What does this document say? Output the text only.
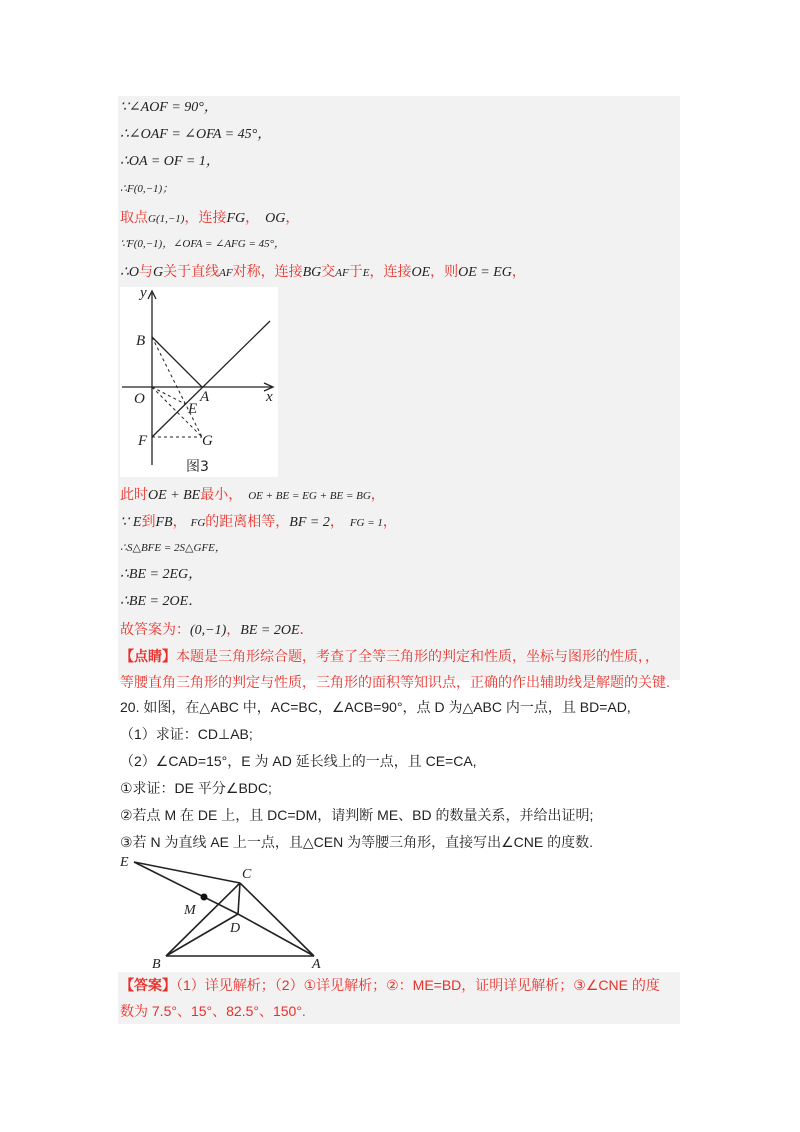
∵∠AOF = 90°，
∴∠OAF = ∠OFA = 45°，
∴OA = OF = 1，
∴F(0,−1)；
取点G(1,−1)，连接FG， OG，
∵F(0,−1)，∠OFA = ∠AFG = 45°，
∴O与G关于直线AF对称，连接BG交AF于E，连接OE，则OE = EG，
y
x
B
O	A
E
F	G
图3
此时OE + BE最小， OE + BE = EG + BE = BG，
∵ E到FB， FG的距离相等，BF = 2， FG = 1，
∴S△BFE = 2S△GFE，
∴BE = 2EG，
∴BE = 2OE．
故答案为：(0,−1)，BE = 2OE．
【点睛】本题是三角形综合题，考查了全等三角形的判定和性质，坐标与图形的性质，，
等腰直角三角形的判定与性质，三角形的面积等知识点，正确的作出辅助线是解题的关键.
20. 如图，在△ABC 中，AC=BC，∠ACB=90°，点 D 为△ABC 内一点，且 BD=AD,
（1）求证：CD⊥AB;
（2）∠CAD=15°，E 为 AD 延长线上的一点，且 CE=CA,
①求证：DE 平分∠BDC;
②若点 M 在 DE 上，且 DC=DM，请判断 ME、BD 的数量关系，并给出证明;
③若 N 为直线 AE 上一点，且△CEN 为等腰三角形，直接写出∠CNE 的度数.
E
C
M
D
B	A
【答案】（1）详见解析；（2）①详见解析；②：ME=BD，证明详见解析；③∠CNE 的度
数为 7.5°、15°、82.5°、150°.
